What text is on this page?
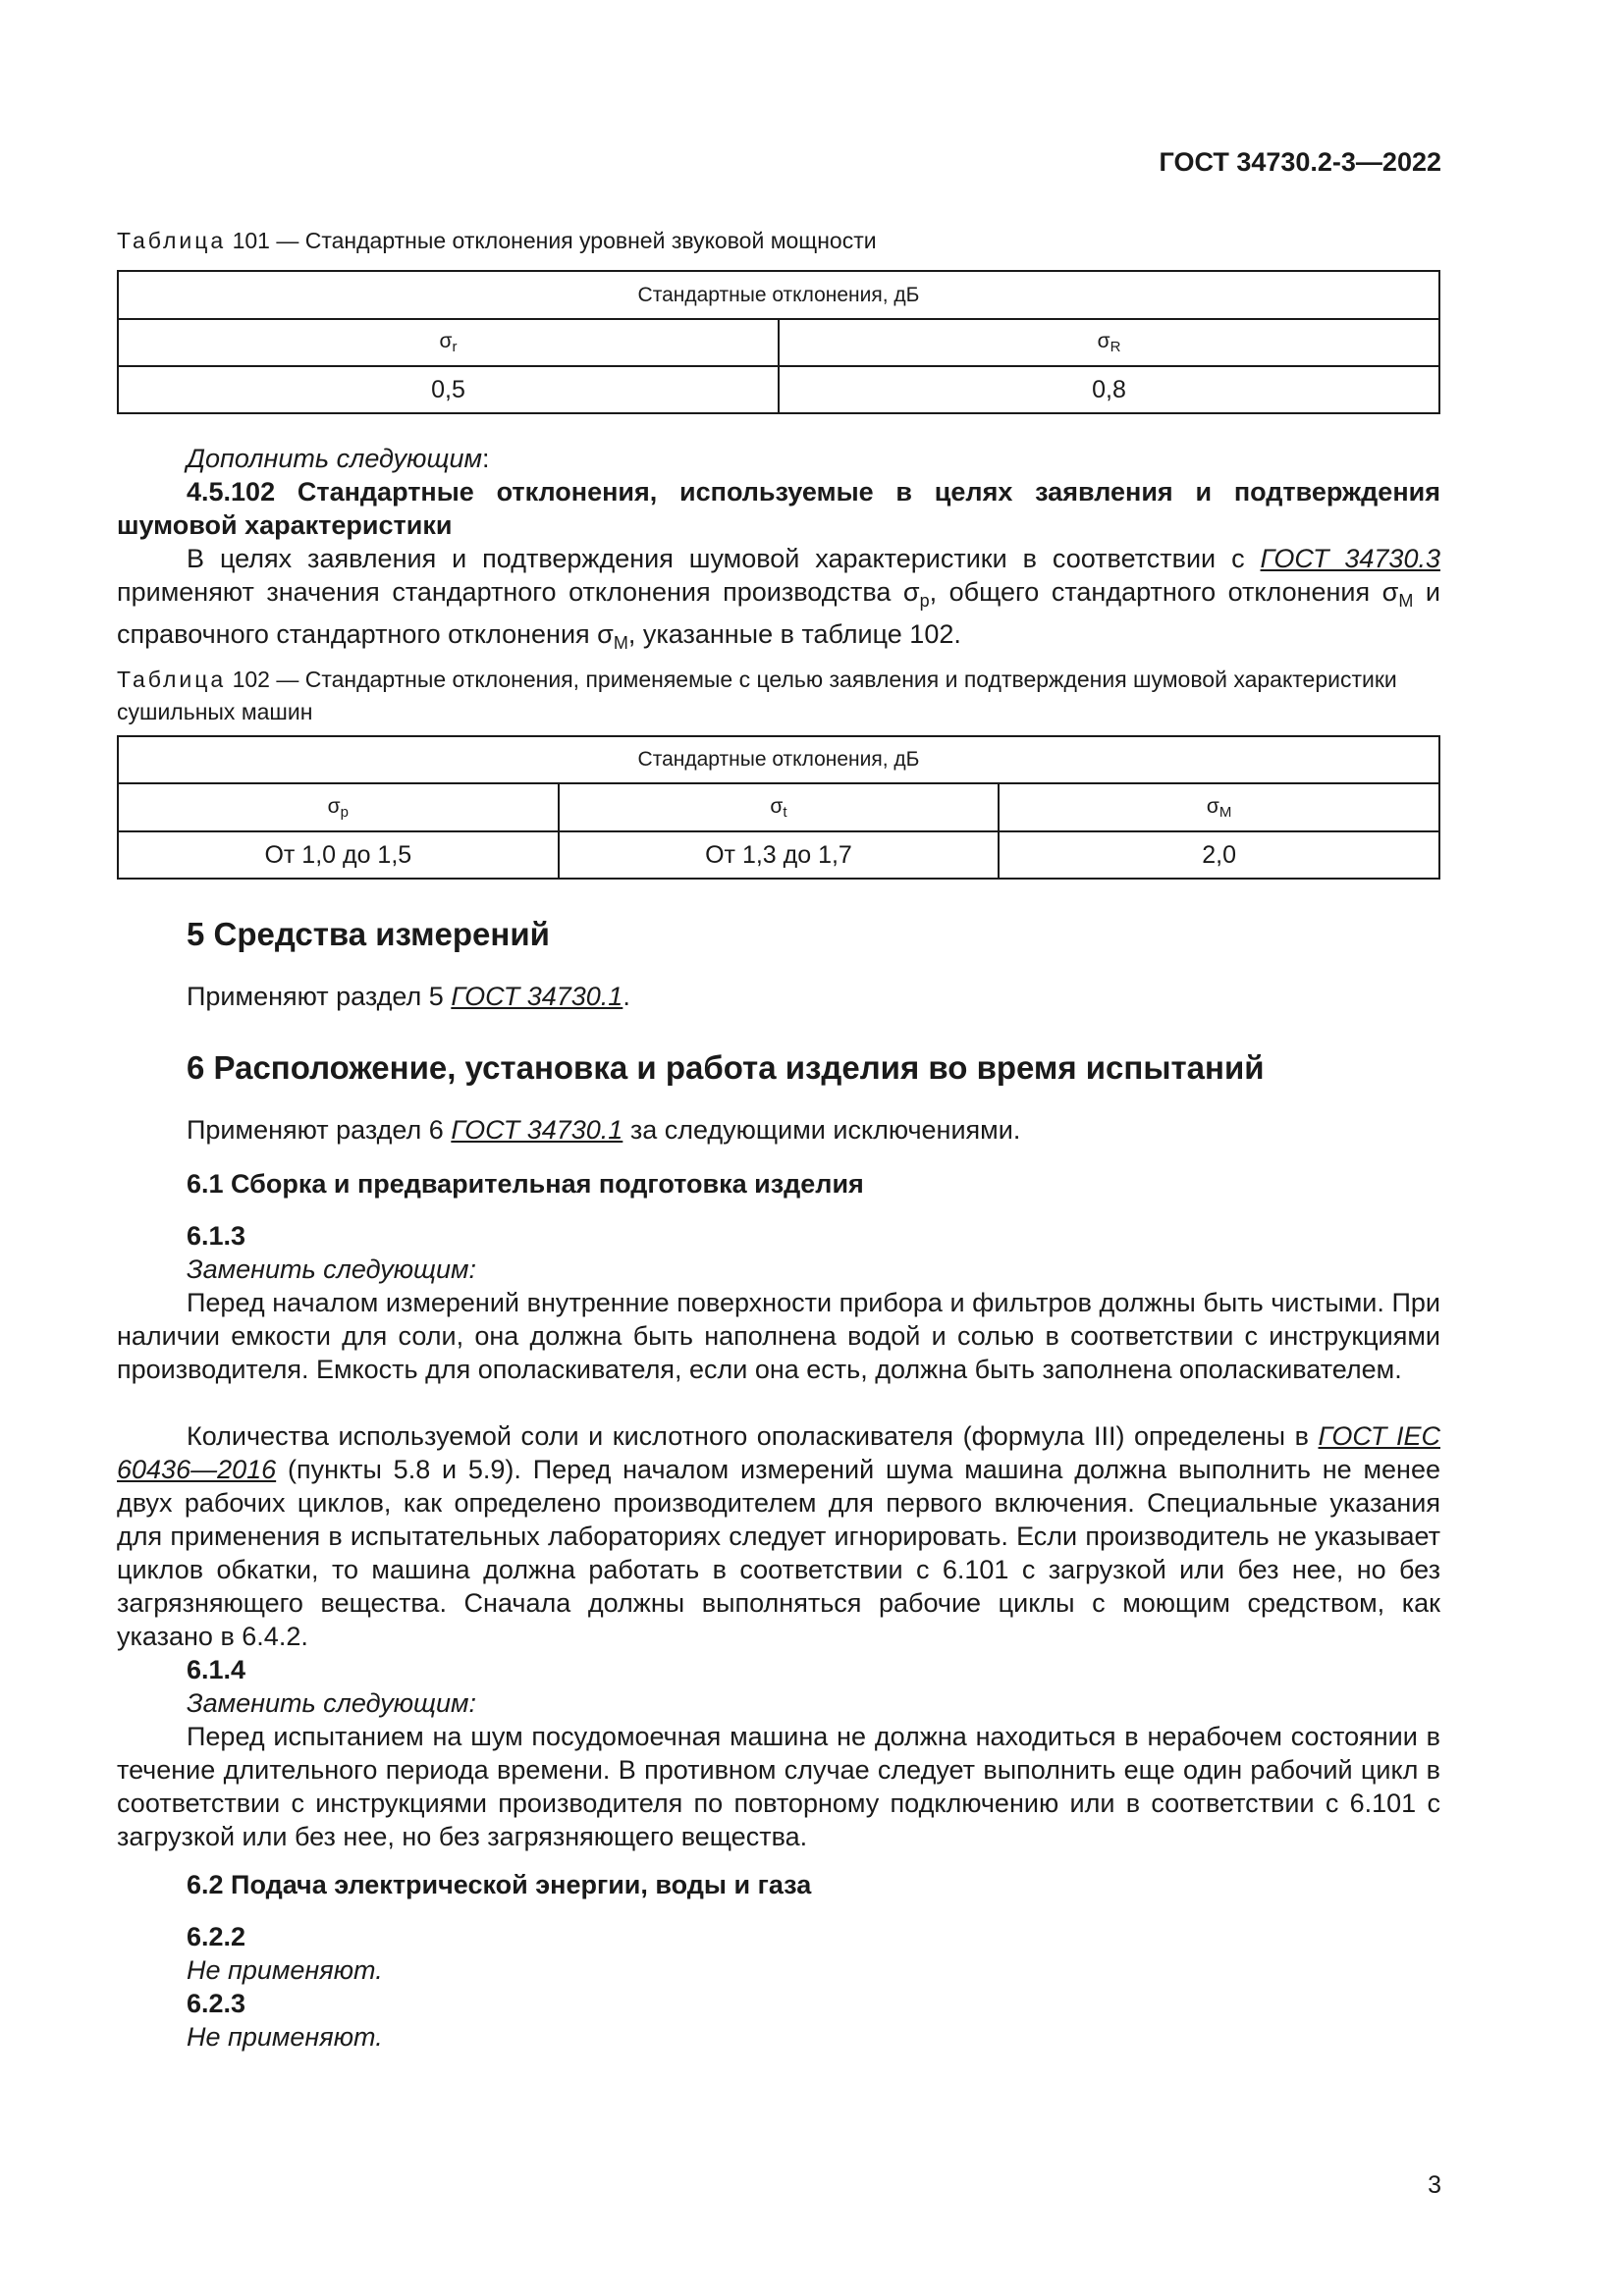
ГОСТ 34730.2-3—2022
Таблица 101 — Стандартные отклонения уровней звуковой мощности
Стандартные отклонения, дБ	
$\sigma_r$	$\sigma_R$
0,5	0,8
Дополнить следующим:
4.5.102 Стандартные отклонения, используемые в целях заявления и подтверждения шумовой характеристики
В целях заявления и подтверждения шумовой характеристики в соответствии с ГОСТ 34730.3 применяют значения стандартного отклонения производства $\sigma_p$, общего стандартного отклонения $\sigma_M$ и справочного стандартного отклонения $\sigma_M$, указанные в таблице 102.
Таблица 102 — Стандартные отклонения, применяемые с целью заявления и подтверждения шумовой характеристики сушильных машин
Стандартные отклонения, дБ		
$\sigma_p$	$\sigma_t$	$\sigma_M$
От 1,0 до 1,5	От 1,3 до 1,7	2,0
5 Средства измерений
Применяют раздел 5 ГОСТ 34730.1.
6 Расположение, установка и работа изделия во время испытаний
Применяют раздел 6 ГОСТ 34730.1 за следующими исключениями.
6.1 Сборка и предварительная подготовка изделия
6.1.3
Заменить следующим:
Перед началом измерений внутренние поверхности прибора и фильтров должны быть чистыми. При наличии емкости для соли, она должна быть наполнена водой и солью в соответствии с инструкциями производителя. Емкость для ополаскивателя, если она есть, должна быть заполнена ополаскивателем.
Количества используемой соли и кислотного ополаскивателя (формула III) определены в ГОСТ IEC 60436—2016 (пункты 5.8 и 5.9). Перед началом измерений шума машина должна выполнить не менее двух рабочих циклов, как определено производителем для первого включения. Специальные указания для применения в испытательных лабораториях следует игнорировать. Если производитель не указывает циклов обкатки, то машина должна работать в соответствии с 6.101 с загрузкой или без нее, но без загрязняющего вещества. Сначала должны выполняться рабочие циклы с моющим средством, как указано в 6.4.2.
6.1.4
Заменить следующим:
Перед испытанием на шум посудомоечная машина не должна находиться в нерабочем состоянии в течение длительного периода времени. В противном случае следует выполнить еще один рабочий цикл в соответствии с инструкциями производителя по повторному подключению или в соответствии с 6.101 с загрузкой или без нее, но без загрязняющего вещества.
6.2 Подача электрической энергии, воды и газа
6.2.2
Не применяют.
6.2.3
Не применяют.
3
